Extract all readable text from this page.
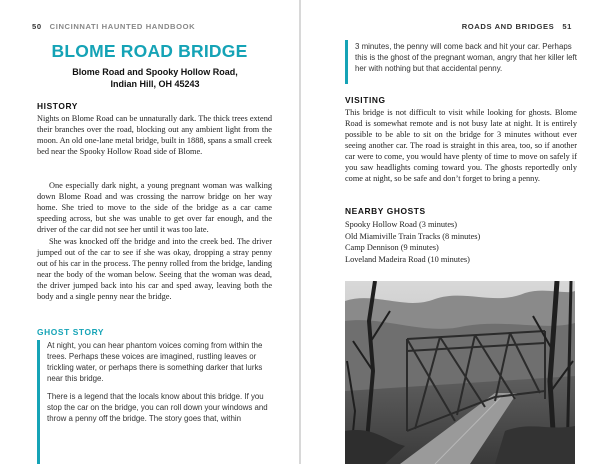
50 CINCINNATI HAUNTED HANDBOOK
BLOME ROAD BRIDGE
Blome Road and Spooky Hollow Road,
Indian Hill, OH 45243
HISTORY

Nights on Blome Road can be unnaturally dark. The thick trees extend their branches over the road, blocking out any ambient light from the moon. An old one-lane metal bridge, built in 1888, spans a small creek bed near the Spooky Hollow Road side of Blome.

One especially dark night, a young pregnant woman was walking down Blome Road and was crossing the narrow bridge on her way home. She tried to move to the side of the bridge as a car came speeding across, but she was unable to get over far enough, and the driver of the car did not see her until it was too late.

She was knocked off the bridge and into the creek bed. The driver jumped out of the car to see if she was okay, dropping a stray penny out of his car in the process. The penny rolled from the bridge, landing near the body of the woman below. Seeing that the woman was dead, the driver jumped back into his car and sped away, leaving both the body and a single penny near the bridge.

GHOST STORY

At night, you can hear phantom voices coming from within the trees. Perhaps these voices are imagined, rustling leaves or trickling water, or perhaps there is something darker that lurks near this bridge.

There is a legend that the locals know about this bridge. If you stop the car on the bridge, you can roll down your windows and throw a penny off the bridge. The story goes that, within

ROADS AND BRIDGES 51

3 minutes, the penny will come back and hit your car. Perhaps this is the ghost of the pregnant woman, angry that her killer left her with nothing but that accidental penny.

VISITING

This bridge is not difficult to visit while looking for ghosts. Blome Road is somewhat remote and is not busy late at night. It is entirely possible to be able to sit on the bridge for 3 minutes without ever seeing another car. The road is straight in this area, too, so if another car were to come, you would have plenty of time to move on safely if you saw headlights coming toward you. The ghosts reportedly only come at night, so be safe and don’t forget to bring a penny.

NEARBY GHOSTS
Spooky Hollow Road (3 minutes)
Old Miamiville Train Tracks (8 minutes)
Camp Dennison (9 minutes)
Loveland Madeira Road (10 minutes)
